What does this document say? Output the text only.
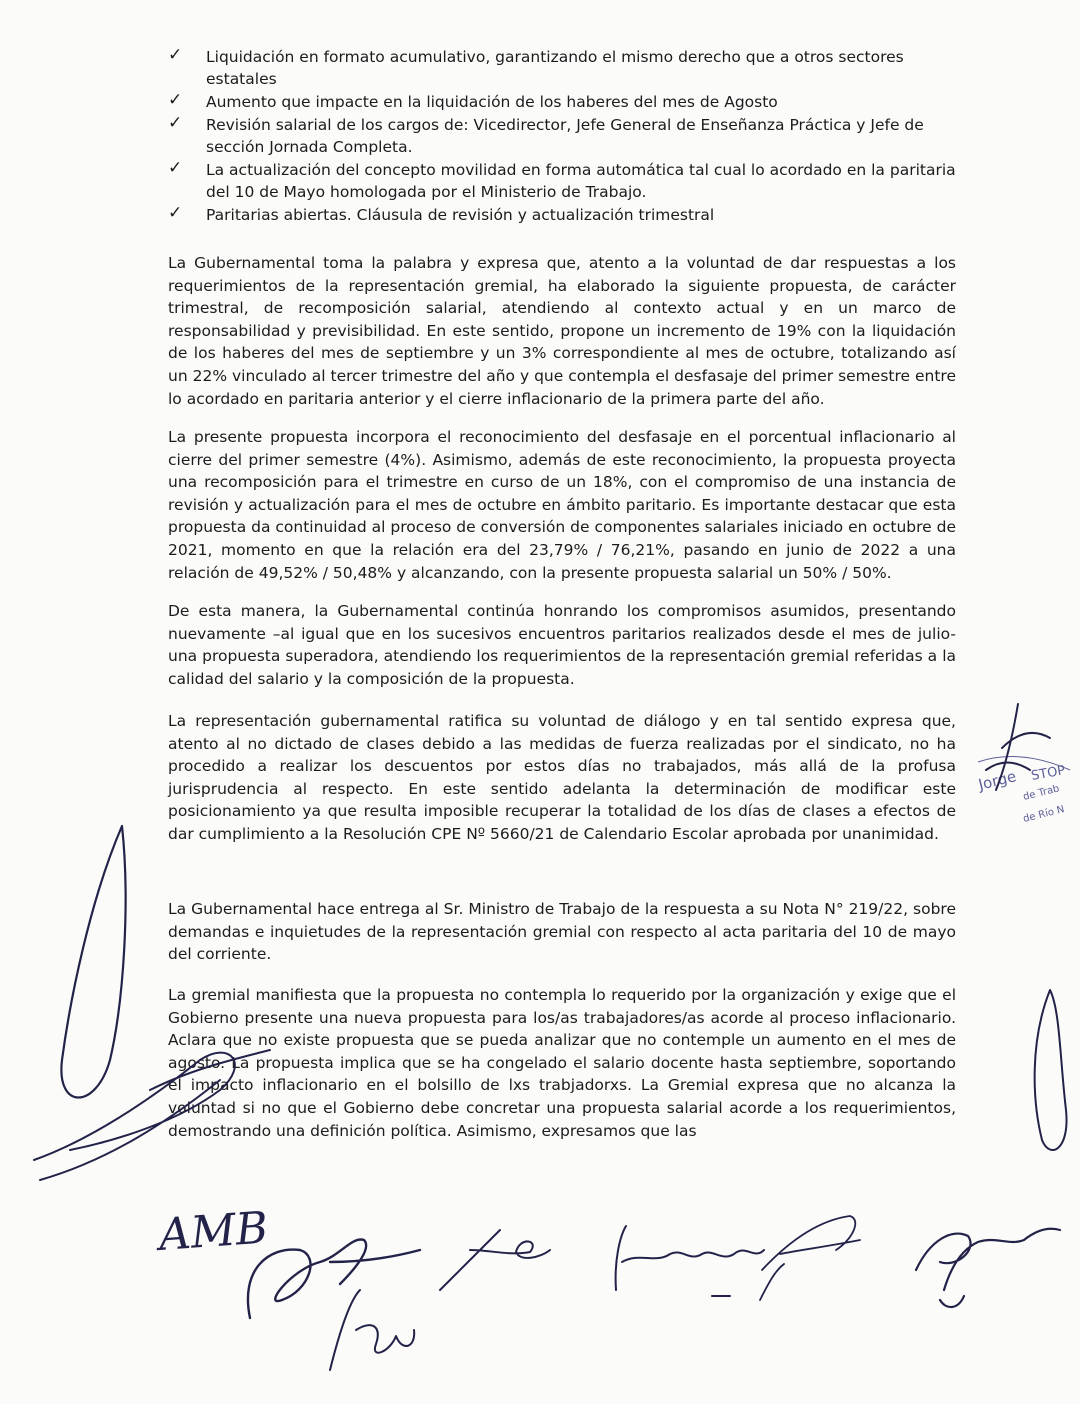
✓ Liquidación en formato acumulativo, garantizando el mismo derecho que a otros sectores estatales
✓ Aumento que impacte en la liquidación de los haberes del mes de Agosto
✓ Revisión salarial de los cargos de: Vicedirector, Jefe General de Enseñanza Práctica y Jefe de sección Jornada Completa.
✓ La actualización del concepto movilidad en forma automática tal cual lo acordado en la paritaria del 10 de Mayo homologada por el Ministerio de Trabajo.
✓ Paritarias abiertas. Cláusula de revisión y actualización trimestral

La Gubernamental toma la palabra y expresa que, atento a la voluntad de dar respuestas a los requerimientos de la representación gremial, ha elaborado la siguiente propuesta, de carácter trimestral, de recomposición salarial, atendiendo al contexto actual y en un marco de responsabilidad y previsibilidad. En este sentido, propone un incremento de 19% con la liquidación de los haberes del mes de septiembre y un 3% correspondiente al mes de octubre, totalizando así un 22% vinculado al tercer trimestre del año y que contempla el desfasaje del primer semestre entre lo acordado en paritaria anterior y el cierre inflacionario de la primera parte del año.

La presente propuesta incorpora el reconocimiento del desfasaje en el porcentual inflacionario al cierre del primer semestre (4%). Asimismo, además de este reconocimiento, la propuesta proyecta una recomposición para el trimestre en curso de un 18%, con el compromiso de una instancia de revisión y actualización para el mes de octubre en ámbito paritario. Es importante destacar que esta propuesta da continuidad al proceso de conversión de componentes salariales iniciado en octubre de 2021, momento en que la relación era del 23,79% / 76,21%, pasando en junio de 2022 a una relación de 49,52% / 50,48% y alcanzando, con la presente propuesta salarial un 50% / 50%.

De esta manera, la Gubernamental continúa honrando los compromisos asumidos, presentando nuevamente –al igual que en los sucesivos encuentros paritarios realizados desde el mes de julio- una propuesta superadora, atendiendo los requerimientos de la representación gremial referidas a la calidad del salario y la composición de la propuesta.

La representación gubernamental ratifica su voluntad de diálogo y en tal sentido expresa que, atento al no dictado de clases debido a las medidas de fuerza realizadas por el sindicato, no ha procedido a realizar los descuentos por estos días no trabajados, más allá de la profusa jurisprudencia al respecto. En este sentido adelanta la determinación de modificar este posicionamiento ya que resulta imposible recuperar la totalidad de los días de clases a efectos de dar cumplimiento a la Resolución CPE Nº 5660/21 de Calendario Escolar aprobada por unanimidad.

La Gubernamental hace entrega al Sr. Ministro de Trabajo de la respuesta a su Nota N° 219/22, sobre demandas e inquietudes de la representación gremial con respecto al acta paritaria del 10 de mayo del corriente.

La gremial manifiesta que la propuesta no contempla lo requerido por la organización y exige que el Gobierno presente una nueva propuesta para los/as trabajadores/as acorde al proceso inflacionario. Aclara que no existe propuesta que se pueda analizar que no contemple un aumento en el mes de agosto. La propuesta implica que se ha congelado el salario docente hasta septiembre, soportando el impacto inflacionario en el bolsillo de lxs trabjadorxs. La Gremial expresa que no alcanza la voluntad si no que el Gobierno debe concretar una propuesta salarial acorde a los requerimientos, demostrando una definición política. Asimismo, expresamos que las

Jorge STOP
de Trab
de Río N
AMB
